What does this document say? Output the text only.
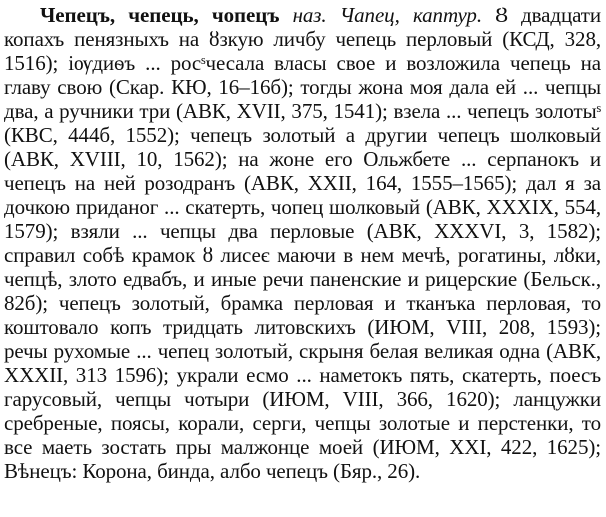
Чепецъ, чепець, чопецъ наз. Чапец, каптур. Ȣ двадцати копахъ пенязныхъ на ȣзкую личбу чепець перловый (КСД, 328, 1516); іѹдиѳъ ... росˢчесала власы свое и возложила чепець на главу свою (Скар. КЮ, 16–16б); тогды жона моя дала ей ... чепцы два, а ручники три (АВК, XVII, 375, 1541); взела ... чепецъ золотыˢ (КВС, 444б, 1552); чепецъ золотый а другии чепецъ шолковый (АВК, XVIII, 10, 1562); на жоне его Ольжбете ... серпанокъ и чепецъ на ней розодранъ (АВК, XXII, 164, 1555–1565); дал я за дочкою приданог ... скатерть, чопец шолковый (АВК, XXXIX, 554, 1579); взяли ... чепцы два перловые (АВК, XXXVI, 3, 1582); справил собѣ крамок ȣ лисеє маючи в нем мечѣ, рогатины, лȣки, чепцѣ, злото едвабъ, и иные речи паненские и рицерские (Бельск., 82б); чепецъ золотый, брамка перловая и тканъка перловая, то коштовало копъ тридцать литовскихъ (ИЮМ, VIII, 208, 1593); речы рухомые ... чепец золотый, скрыня белая великая одна (АВК, XXXII, 313 1596); украли есмо ... наметокъ пять, скатерть, поесъ гарусовый, чепцы чотыри (ИЮМ, VIII, 366, 1620); ланцужки сребреные, поясы, корали, серги, чепцы золотые и перстенки, то все маеть зостать пры малжонце моей (ИЮМ, XXI, 422, 1625); Вѣнецъ: Корона, бинда, албо чепецъ (Бяр., 26).
